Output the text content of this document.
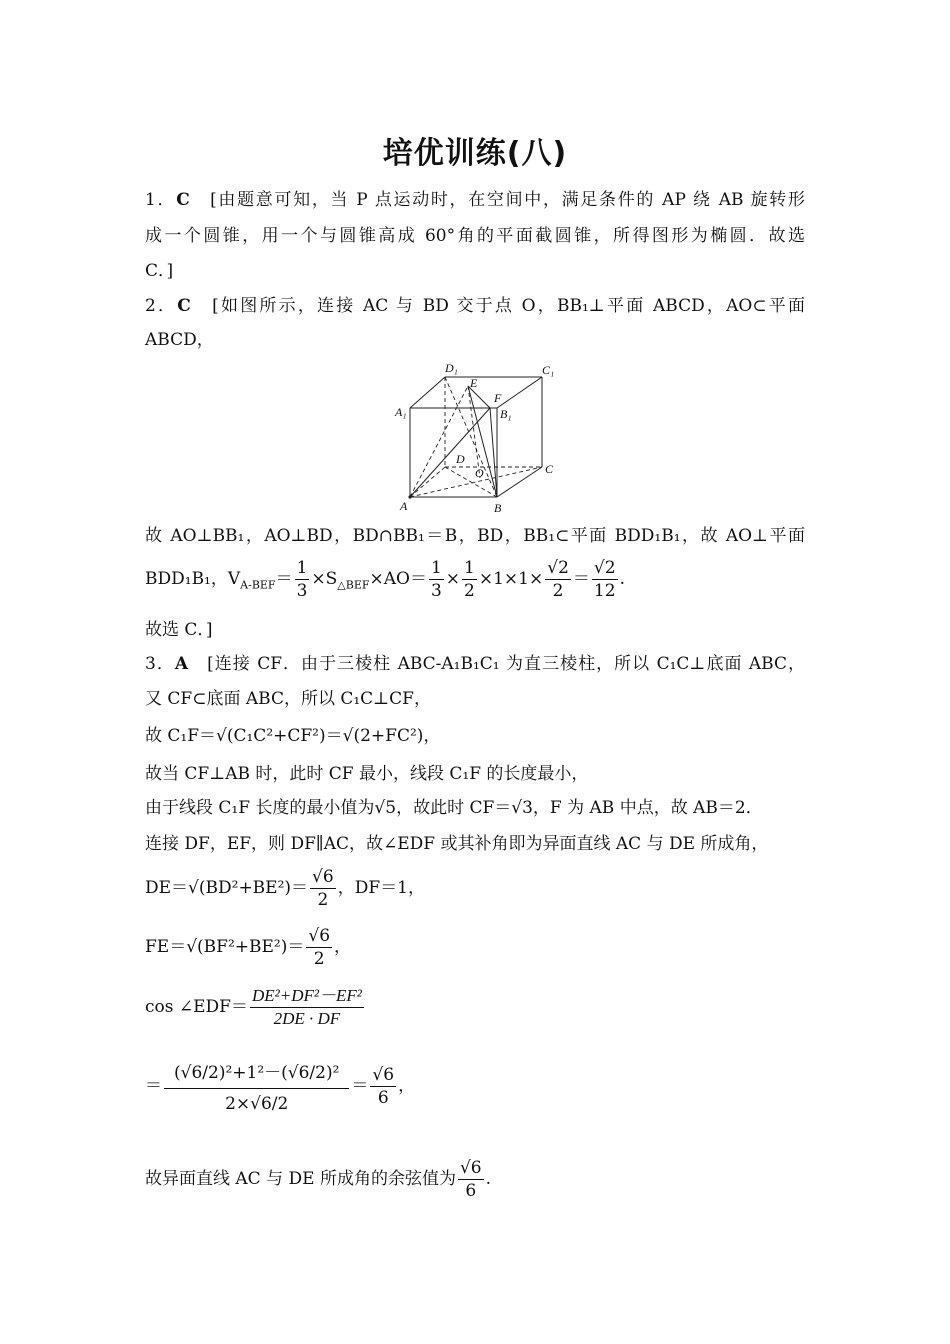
培优训练(八)
1．C　 [由题意可知，当 P 点运动时，在空间中，满足条件的 AP 绕 AB 旋转形
成一个圆锥，用一个与圆锥高成 60°角的平面截圆锥，所得图形为椭圆．故选
C．]
2．C　 [如图所示，连接 AC 与 BD 交于点 O，BB₁⊥平面 ABCD，AO⊂平面
ABCD，
A	B
C
D
A₁	B₁
C₁
D₁
E
F
O
故 AO⊥BB₁，AO⊥BD，BD∩BB₁＝B，BD，BB₁⊂平面 BDD₁B₁，故 AO⊥平面
BDD₁B₁，$V_{A-BEF}= \frac{1}{3} \times S_{\triangle BEF}\times AO= \frac{1}{3} \times \frac{1}{2} \times 1\times 1\times \frac{√2}{2} = \frac{√2}{12}$ .
故选 C．]
3．A　 [连接 CF．由于三棱柱 ABC-A₁B₁C₁ 为直三棱柱，所以 C₁C⊥底面 ABC，
又 CF⊂底面 ABC，所以 C₁C⊥CF，
故 C₁F＝√(C₁C²+CF²)＝√(2+FC²)，
故当 CF⊥AB 时，此时 CF 最小，线段 C₁F 的长度最小，
由于线段 C₁F 长度的最小值为√5，故此时 CF＝√3，F 为 AB 中点，故 AB＝2．
连接 DF，EF，则 DF∥AC，故∠EDF 或其补角即为异面直线 AC 与 DE 所成角，
$DE=√(BD^2+BE^2)= \frac{√6}{2}$ ，DF＝1，
$FE=√(BF^2+BE^2)= \frac{√6}{2}$ ，
cos ∠EDF＝ $\frac{\text{DE²+DF²－EF²}}{2DE \cdot DF}$
＝ $\frac{\text{(√6/2)²+1²－(√6/2)²}}{2\times√6/2} = \frac{√6}{6}$ ，
故异面直线 AC 与 DE 所成角的余弦值为 $\frac{√6}{6}$ .
